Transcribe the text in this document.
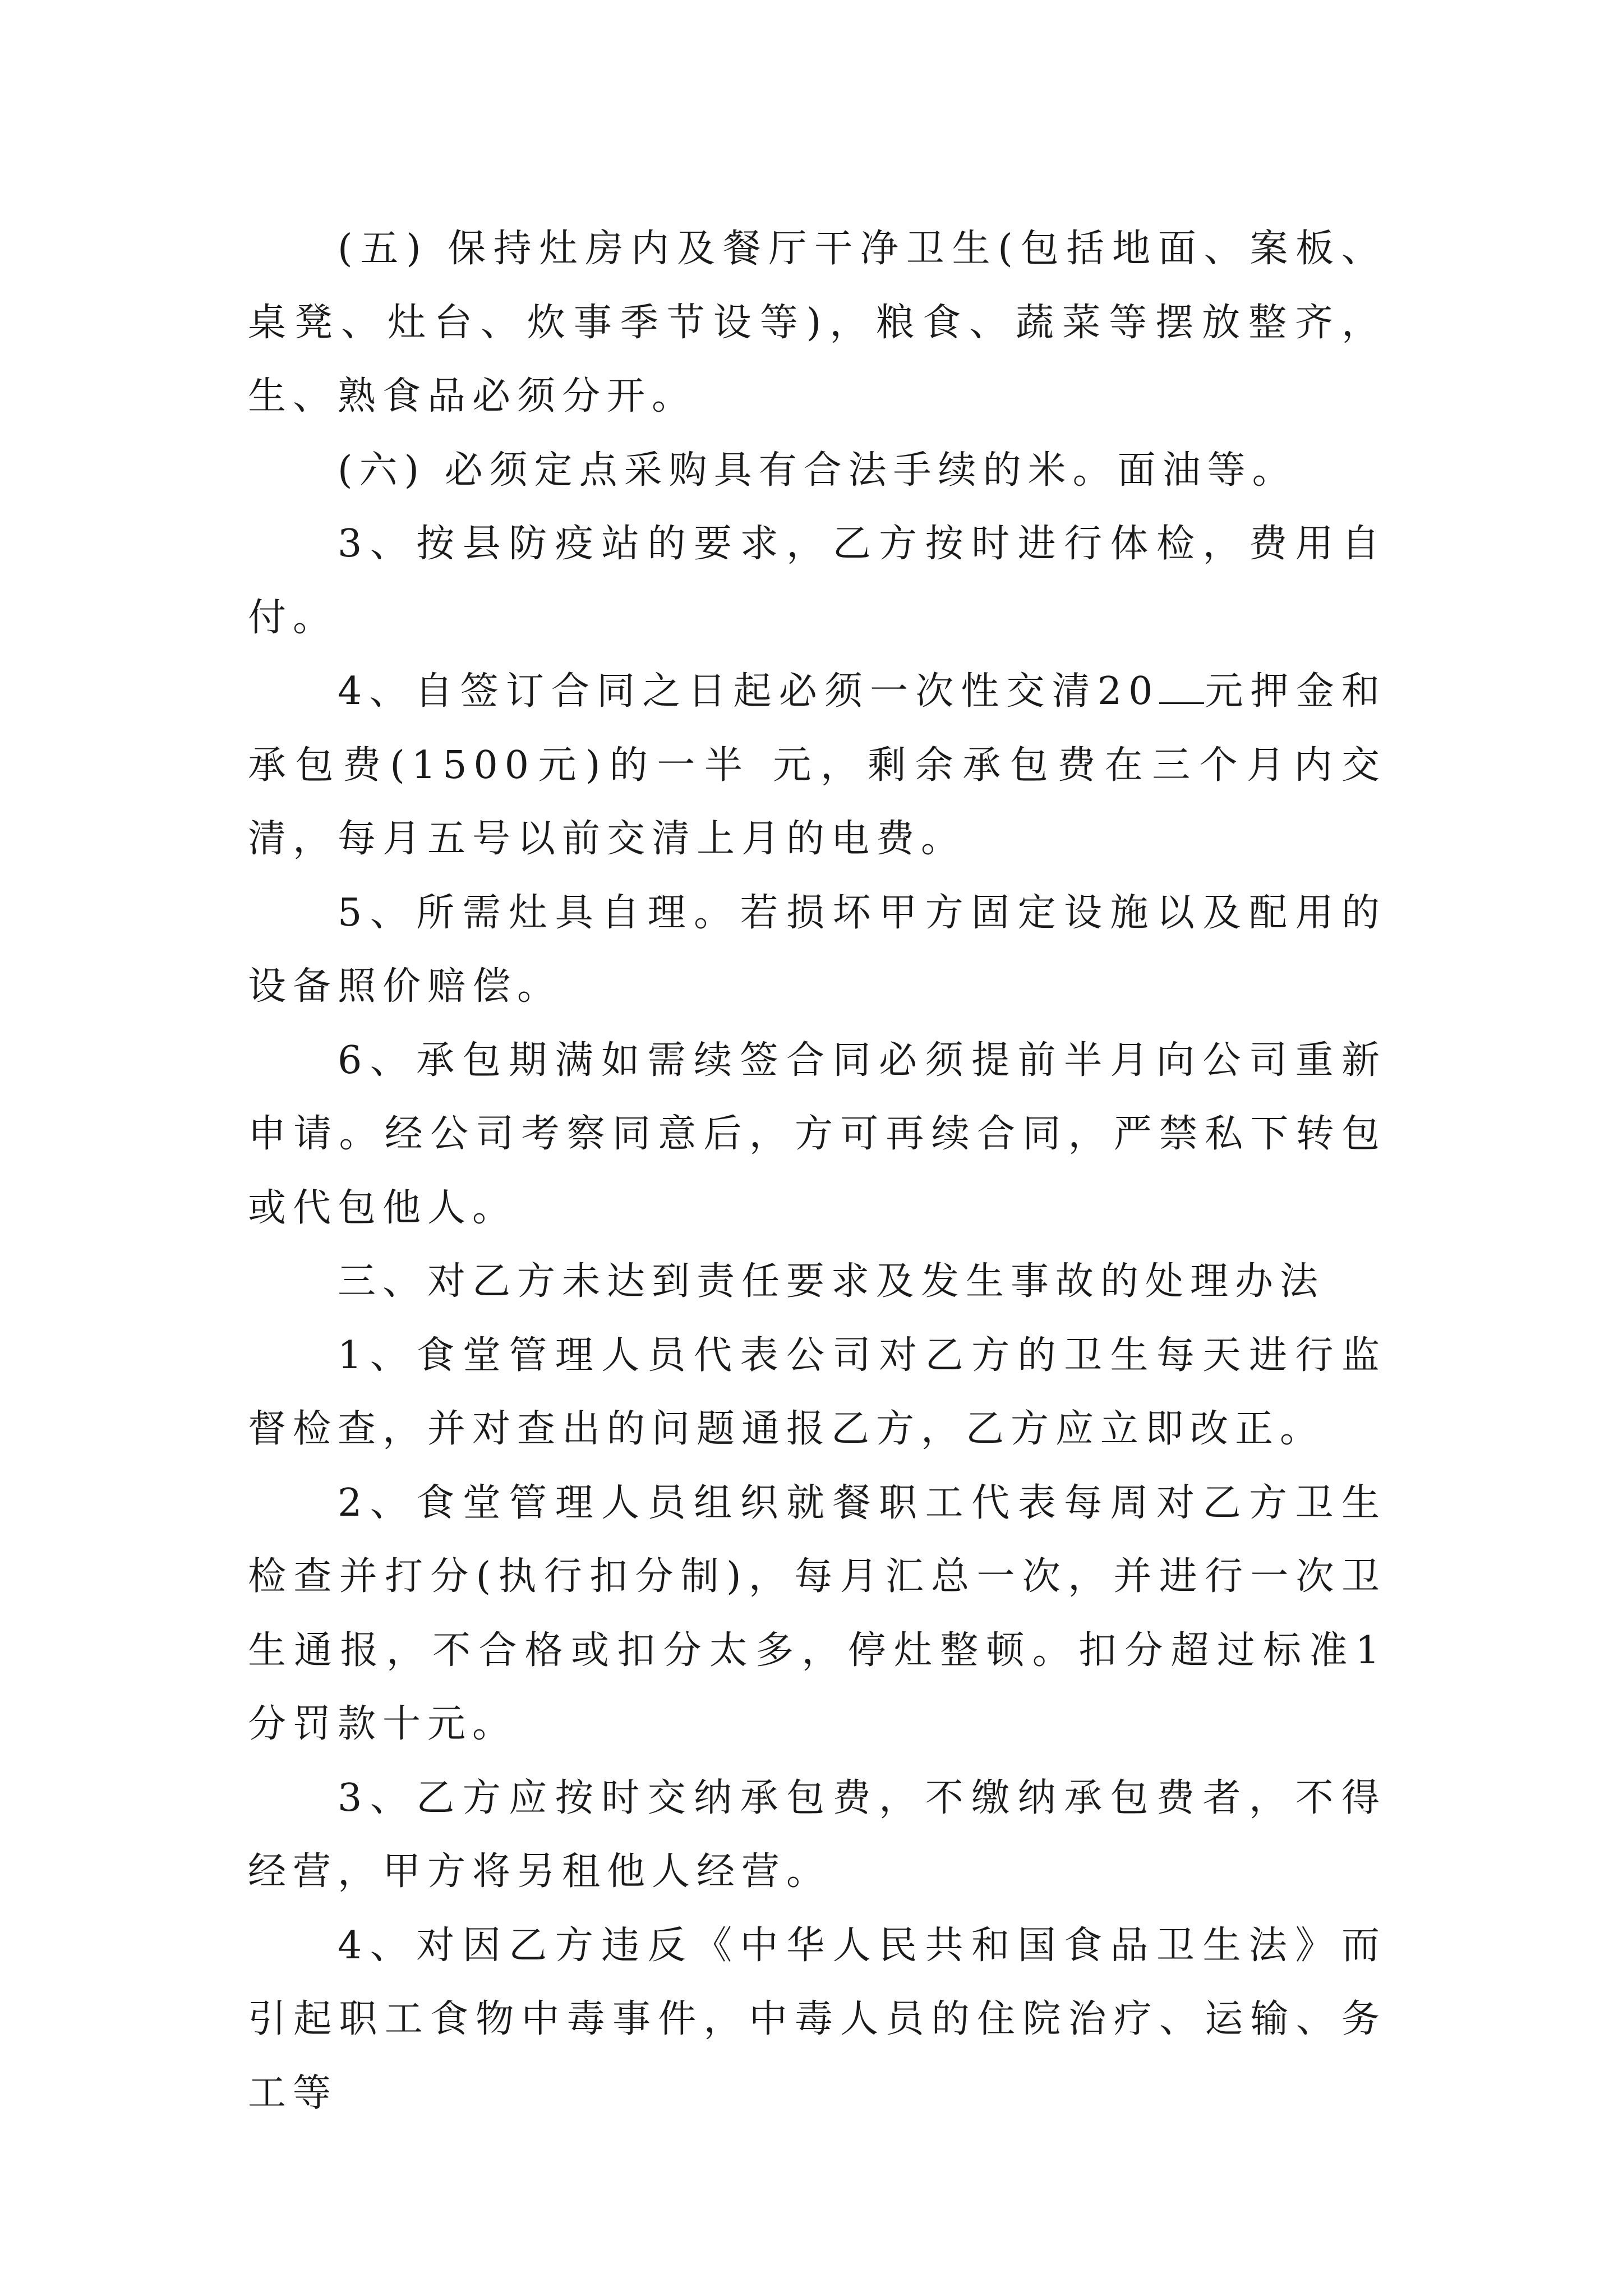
(五) 保持灶房内及餐厅干净卫生(包括地面、案板、桌凳、灶台、炊事季节设等)，粮食、蔬菜等摆放整齐，生、熟食品必须分开。

(六) 必须定点采购具有合法手续的米。面油等。

3、按县防疫站的要求，乙方按时进行体检，费用自付。

4、自签订合同之日起必须一次性交清20 元押金和承包费(1500元)的一半 元，剩余承包费在三个月内交清，每月五号以前交清上月的电费。

5、所需灶具自理。若损坏甲方固定设施以及配用的设备照价赔偿。

6、承包期满如需续签合同必须提前半月向公司重新申请。经公司考察同意后，方可再续合同，严禁私下转包或代包他人。

三、对乙方未达到责任要求及发生事故的处理办法

1、食堂管理人员代表公司对乙方的卫生每天进行监督检查，并对查出的问题通报乙方，乙方应立即改正。

2、食堂管理人员组织就餐职工代表每周对乙方卫生检查并打分(执行扣分制)，每月汇总一次，并进行一次卫生通报，不合格或扣分太多，停灶整顿。扣分超过标准1分罚款十元。

3、乙方应按时交纳承包费，不缴纳承包费者，不得经营，甲方将另租他人经营。

4、对因乙方违反《中华人民共和国食品卫生法》而引起职工食物中毒事件，中毒人员的住院治疗、运输、务工等
